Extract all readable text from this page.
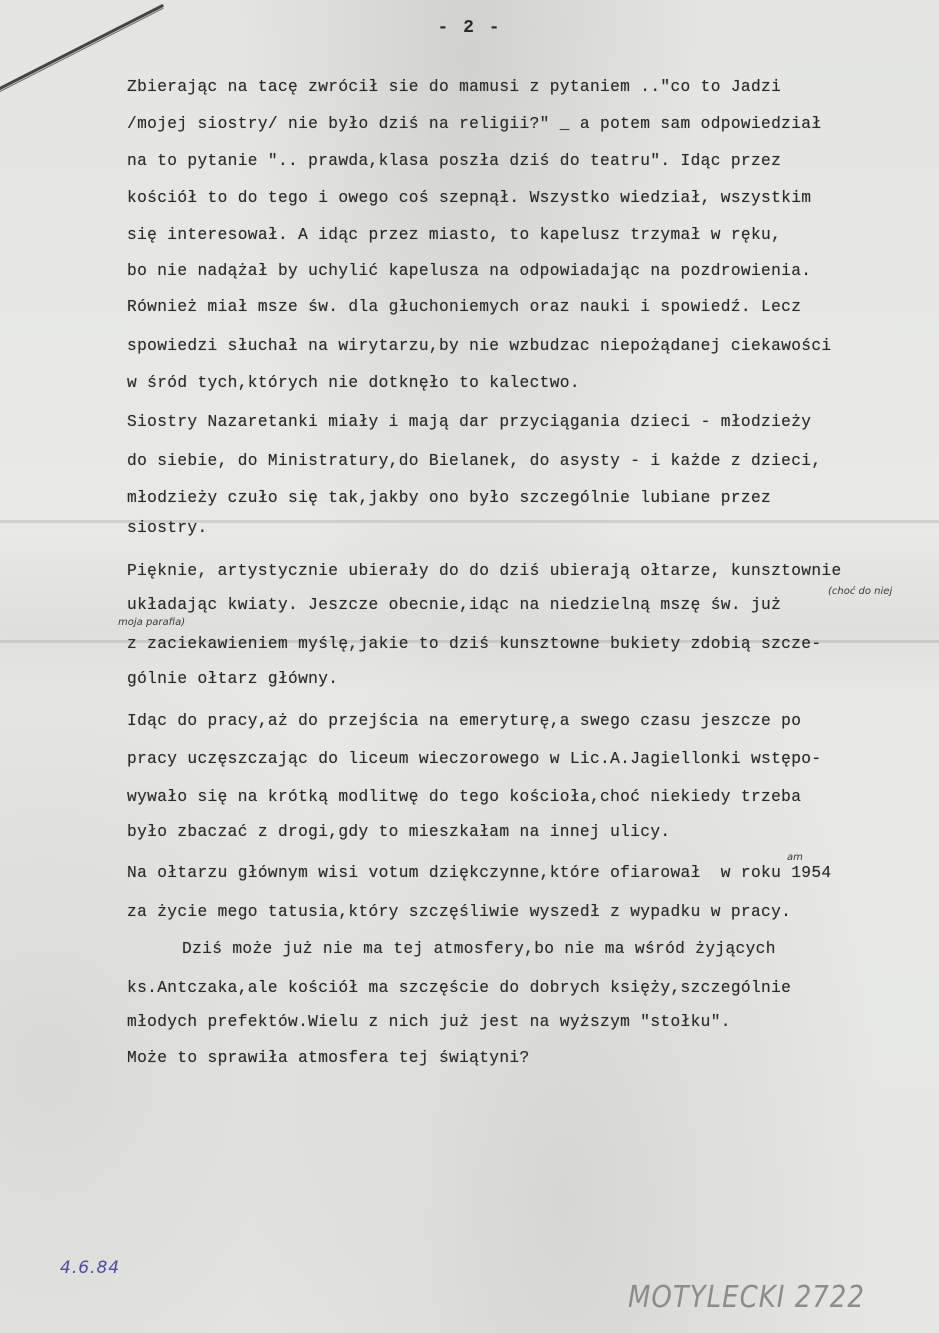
- 2 -
Zbierając na tacę zwrócił sie do mamusi z pytaniem .."co to Jadzi
/mojej siostry/ nie było dziś na religii?" _ a potem sam odpowiedział
na to pytanie ".. prawda,klasa poszła dziś do teatru". Idąc przez
kościół to do tego i owego coś szepnął. Wszystko wiedział, wszystkim
się interesował. A idąc przez miasto, to kapelusz trzymał w ręku,
bo nie nadążał by uchylić kapelusza na odpowiadając na pozdrowienia.
Również miał msze św. dla głuchoniemych oraz nauki i spowiedź. Lecz
spowiedzi słuchał na wirytarzu,by nie wzbudzac niepożądanej ciekawości
w śród tych,których nie dotknęło to kalectwo.
Siostry Nazaretanki miały i mają dar przyciągania dzieci - młodzieży
do siebie, do Ministratury,do Bielanek, do asysty - i każde z dzieci,
młodzieży czuło się tak,jakby ono było szczególnie lubiane przez
siostry.
Pięknie, artystycznie ubierały do do dziś ubierają ołtarze, kunsztownie
(choć do niej
układając kwiaty. Jeszcze obecnie,idąc na niedzielną mszę św. już
moja parafia)
z zaciekawieniem myślę,jakie to dziś kunsztowne bukiety zdobią szcze-
gólnie ołtarz główny.
Idąc do pracy,aż do przejścia na emeryturę,a swego czasu jeszcze po
pracy uczęszczając do liceum wieczorowego w Lic.A.Jagiellonki wstępo-
wywało się na krótką modlitwę do tego kościoła,choć niekiedy trzeba
było zbaczać z drogi,gdy to mieszkałam na innej ulicy.
am
Na ołtarzu głównym wisi votum dziękczynne,które ofiarował  w roku 1954
za życie mego tatusia,który szczęśliwie wyszedł z wypadku w pracy.
Dziś może już nie ma tej atmosfery,bo nie ma wśród żyjących
ks.Antczaka,ale kościół ma szczęście do dobrych księży,szczególnie
młodych prefektów.Wielu z nich już jest na wyższym "stołku".
Może to sprawiła atmosfera tej świątyni?
4.6.84
MOTYLECKI 2722
